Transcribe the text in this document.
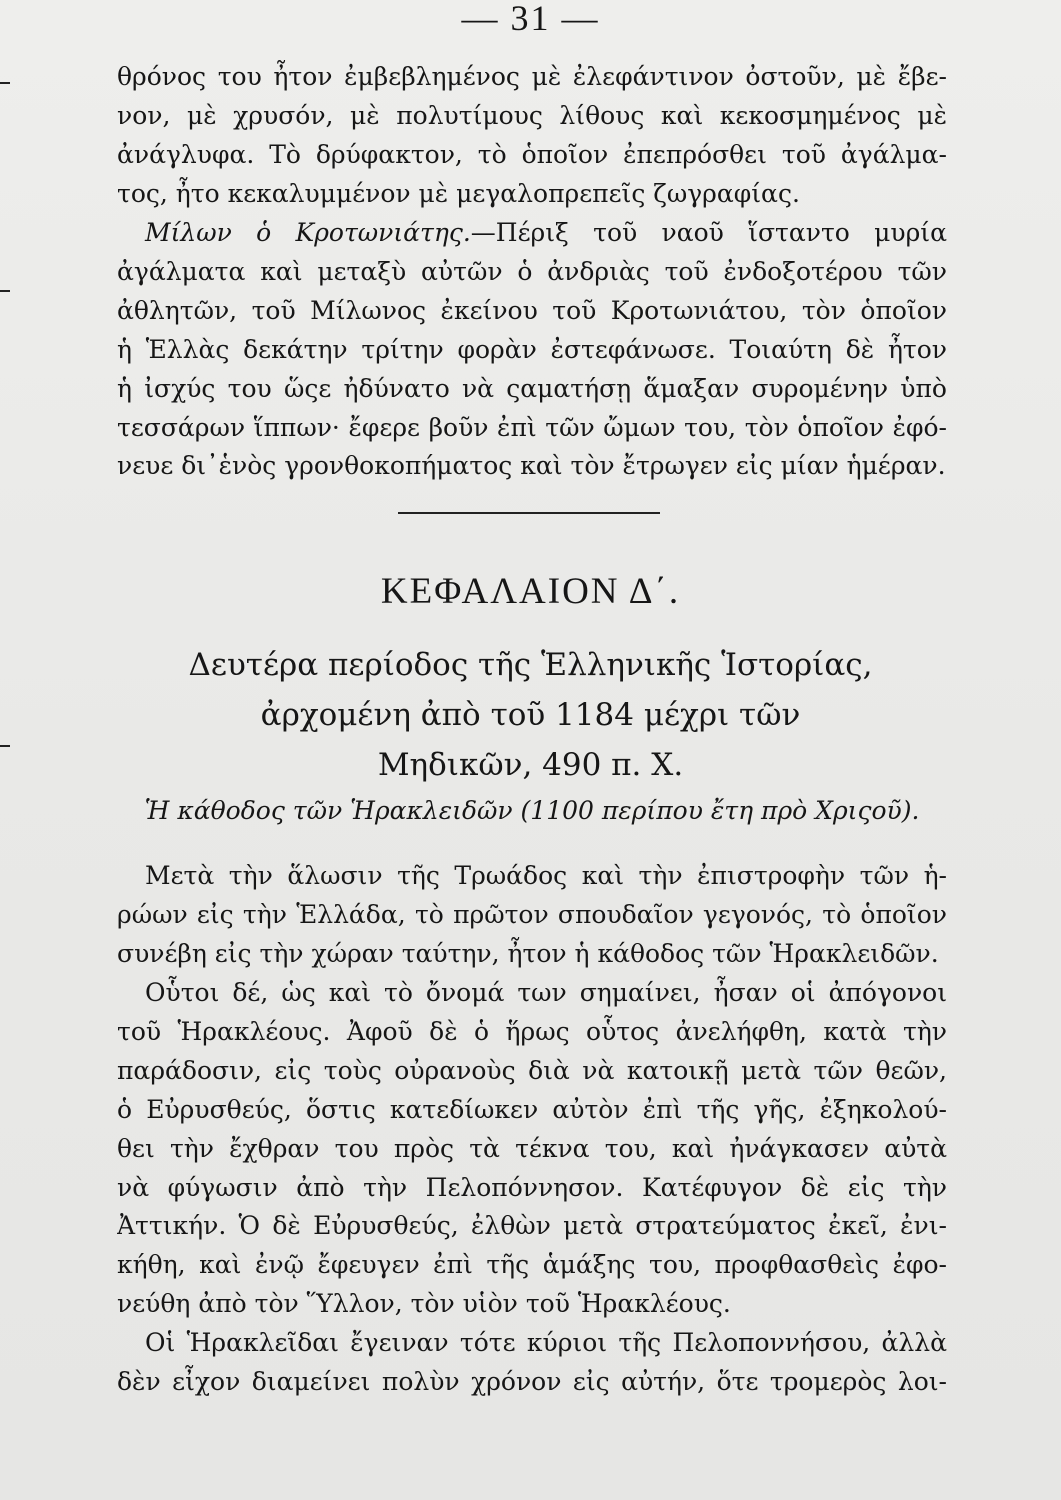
— 31 —
θρόνος του ἦτον ἐμβεβλημένος μὲ ἐλεφάντινον ὀστοῦν, μὲ ἔβε-
νον, μὲ χρυσόν, μὲ πολυτίμους λίθους καὶ κεκοσμημένος μὲ
ἀνάγλυφα. Τὸ δρύφακτον, τὸ ὁποῖον ἐπεπρόσθει τοῦ ἀγάλμα-
τος, ἦτο κεκαλυμμένον μὲ μεγαλοπρεπεῖς ζωγραφίας.
Μίλων ὁ Κροτωνιάτης.—Πέριξ τοῦ ναοῦ ἵσταντο μυρία
ἀγάλματα καὶ μεταξὺ αὐτῶν ὁ ἀνδριὰς τοῦ ἐνδοξοτέρου τῶν
ἀθλητῶν, τοῦ Μίλωνος ἐκείνου τοῦ Κροτωνιάτου, τὸν ὁποῖον
ἡ Ἑλλὰς δεκάτην τρίτην φορὰν ἐστεφάνωσε. Τοιαύτη δὲ ἦτον
ἡ ἰσχύς του ὥςε ἠδύνατο νὰ ςαματήσῃ ἅμαξαν συρομένην ὑπὸ
τεσσάρων ἵππων· ἔφερε βοῦν ἐπὶ τῶν ὤμων του, τὸν ὁποῖον ἐφό-
νευε δι᾽ἑνὸς γρονθοκοπήματος καὶ τὸν ἔτρωγεν εἰς μίαν ἡμέραν.
ΚΕΦΑΛΑΙΟΝ Δ΄.
Δευτέρα περίοδος τῆς Ἑλληνικῆς Ἱστορίας,
ἀρχομένη ἀπὸ τοῦ 1184 μέχρι τῶν
Μηδικῶν, 490 π. Χ.
Ἡ κάθοδος τῶν Ἡρακλειδῶν (1100 περίπου ἔτη πρὸ Χριςοῦ).
Μετὰ τὴν ἅλωσιν τῆς Τρωάδος καὶ τὴν ἐπιστροφὴν τῶν ἡ-
ρώων εἰς τὴν Ἑλλάδα, τὸ πρῶτον σπουδαῖον γεγονός, τὸ ὁποῖον
συνέβη εἰς τὴν χώραν ταύτην, ἦτον ἡ κάθοδος τῶν Ἡρακλειδῶν.
Οὗτοι δέ, ὡς καὶ τὸ ὄνομά των σημαίνει, ἦσαν οἱ ἀπόγονοι
τοῦ Ἡρακλέους. Ἀφοῦ δὲ ὁ ἥρως οὗτος ἀνελήφθη, κατὰ τὴν
παράδοσιν, εἰς τοὺς οὐρανοὺς διὰ νὰ κατοικῇ μετὰ τῶν θεῶν,
ὁ Εὐρυσθεύς, ὅστις κατεδίωκεν αὐτὸν ἐπὶ τῆς γῆς, ἐξηκολού-
θει τὴν ἔχθραν του πρὸς τὰ τέκνα του, καὶ ἠνάγκασεν αὐτὰ
νὰ φύγωσιν ἀπὸ τὴν Πελοπόννησον. Κατέφυγον δὲ εἰς τὴν
Ἀττικήν. Ὁ δὲ Εὐρυσθεύς, ἐλθὼν μετὰ στρατεύματος ἐκεῖ, ἐνι-
κήθη, καὶ ἐνῷ ἔφευγεν ἐπὶ τῆς ἁμάξης του, προφθασθεὶς ἐφο-
νεύθη ἀπὸ τὸν Ὕλλον, τὸν υἱὸν τοῦ Ἡρακλέους.
Οἱ Ἡρακλεῖδαι ἔγειναν τότε κύριοι τῆς Πελοποννήσου, ἀλλὰ
δὲν εἶχον διαμείνει πολὺν χρόνον εἰς αὐτήν, ὅτε τρομερὸς λοι-
